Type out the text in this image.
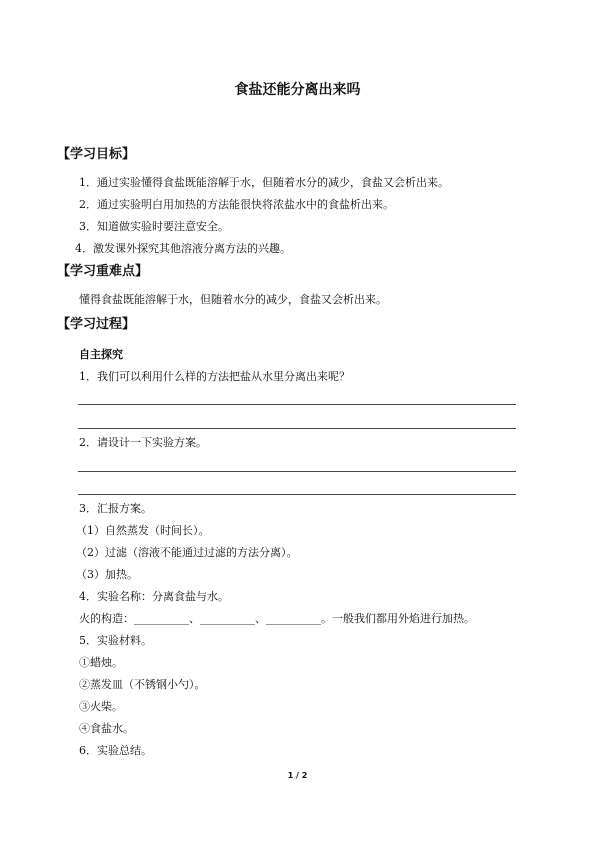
食盐还能分离出来吗
【学习目标】
1．通过实验懂得食盐既能溶解于水，但随着水分的减少，食盐又会析出来。
2．通过实验明白用加热的方法能很快将浓盐水中的食盐析出来。
3．知道做实验时要注意安全。
4．激发课外探究其他溶液分离方法的兴趣。
【学习重难点】
懂得食盐既能溶解于水，但随着水分的减少，食盐又会析出来。
【学习过程】
自主探究
1．我们可以利用什么样的方法把盐从水里分离出来呢？
2．请设计一下实验方案。
3．汇报方案。
（1）自然蒸发（时间长）。
（2）过滤（溶液不能通过过滤的方法分离）。
（3）加热。
4．实验名称：分离食盐与水。
火的构造：__________、__________、__________。一般我们都用外焰进行加热。
5．实验材料。
①蜡烛。
②蒸发皿（不锈钢小勺）。
③火柴。
④食盐水。
6．实验总结。
1 / 2
